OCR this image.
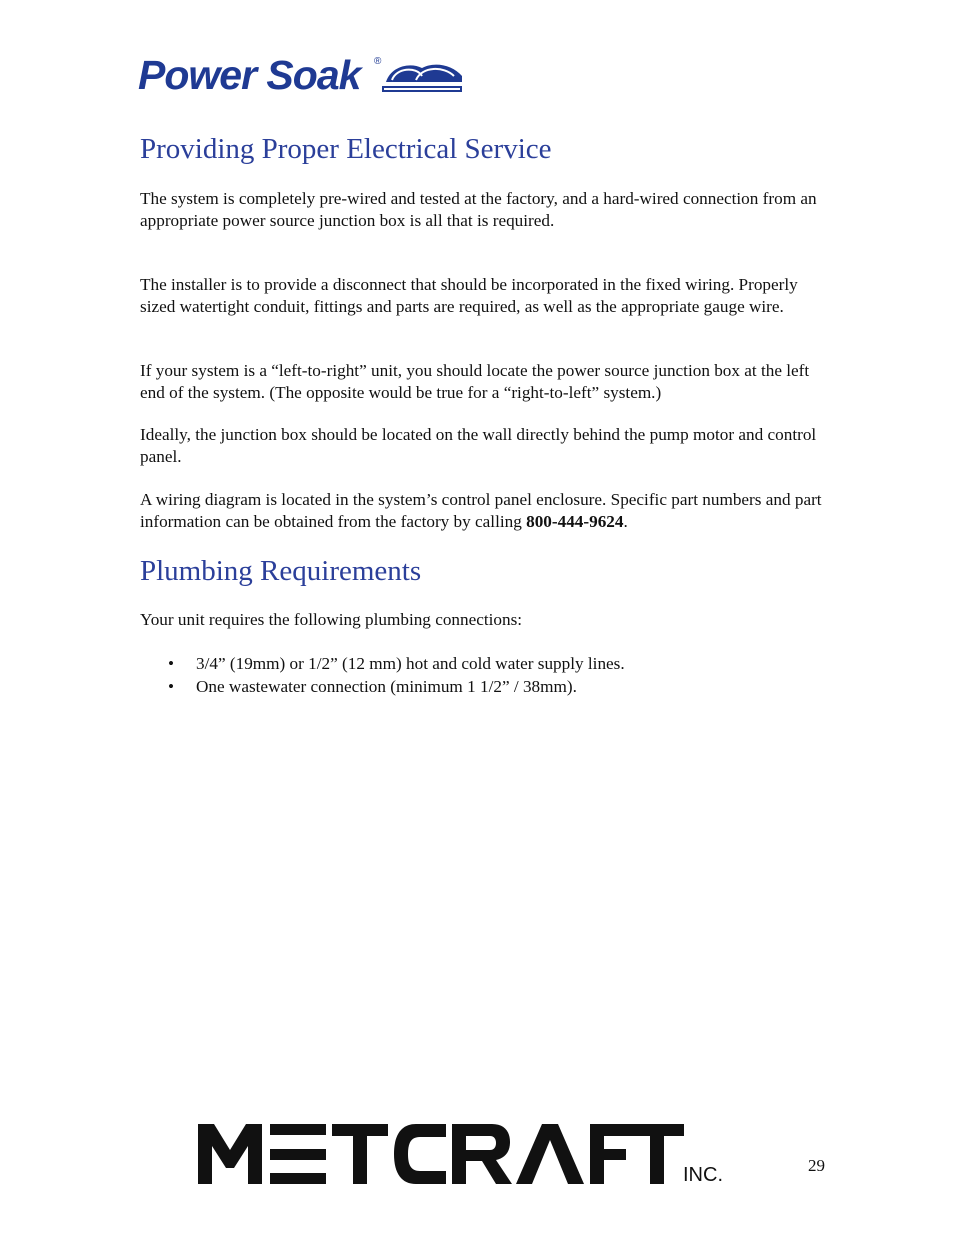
Power Soak ®
Providing Proper Electrical Service

The system is completely pre-wired and tested at the factory, and a hard-wired connection from an appropriate power source junction box is all that is required.

The installer is to provide a disconnect that should be incorporated in the fixed wiring. Properly sized watertight conduit, fittings and parts are required, as well as the appropriate gauge wire.

If your system is a “left-to-right” unit, you should locate the power source junction box at the left end of the system. (The opposite would be true for a “right-to-left” system.)

Ideally, the junction box should be located on the wall directly behind the pump motor and control panel.

A wiring diagram is located in the system’s control panel enclosure. Specific part numbers and part information can be obtained from the factory by calling 800-444-9624.

Plumbing Requirements

Your unit requires the following plumbing connections:

• 3/4” (19mm) or 1/2” (12 mm) hot and cold water supply lines.
• One wastewater connection (minimum 1 1/2” / 38mm).
INC.	29
